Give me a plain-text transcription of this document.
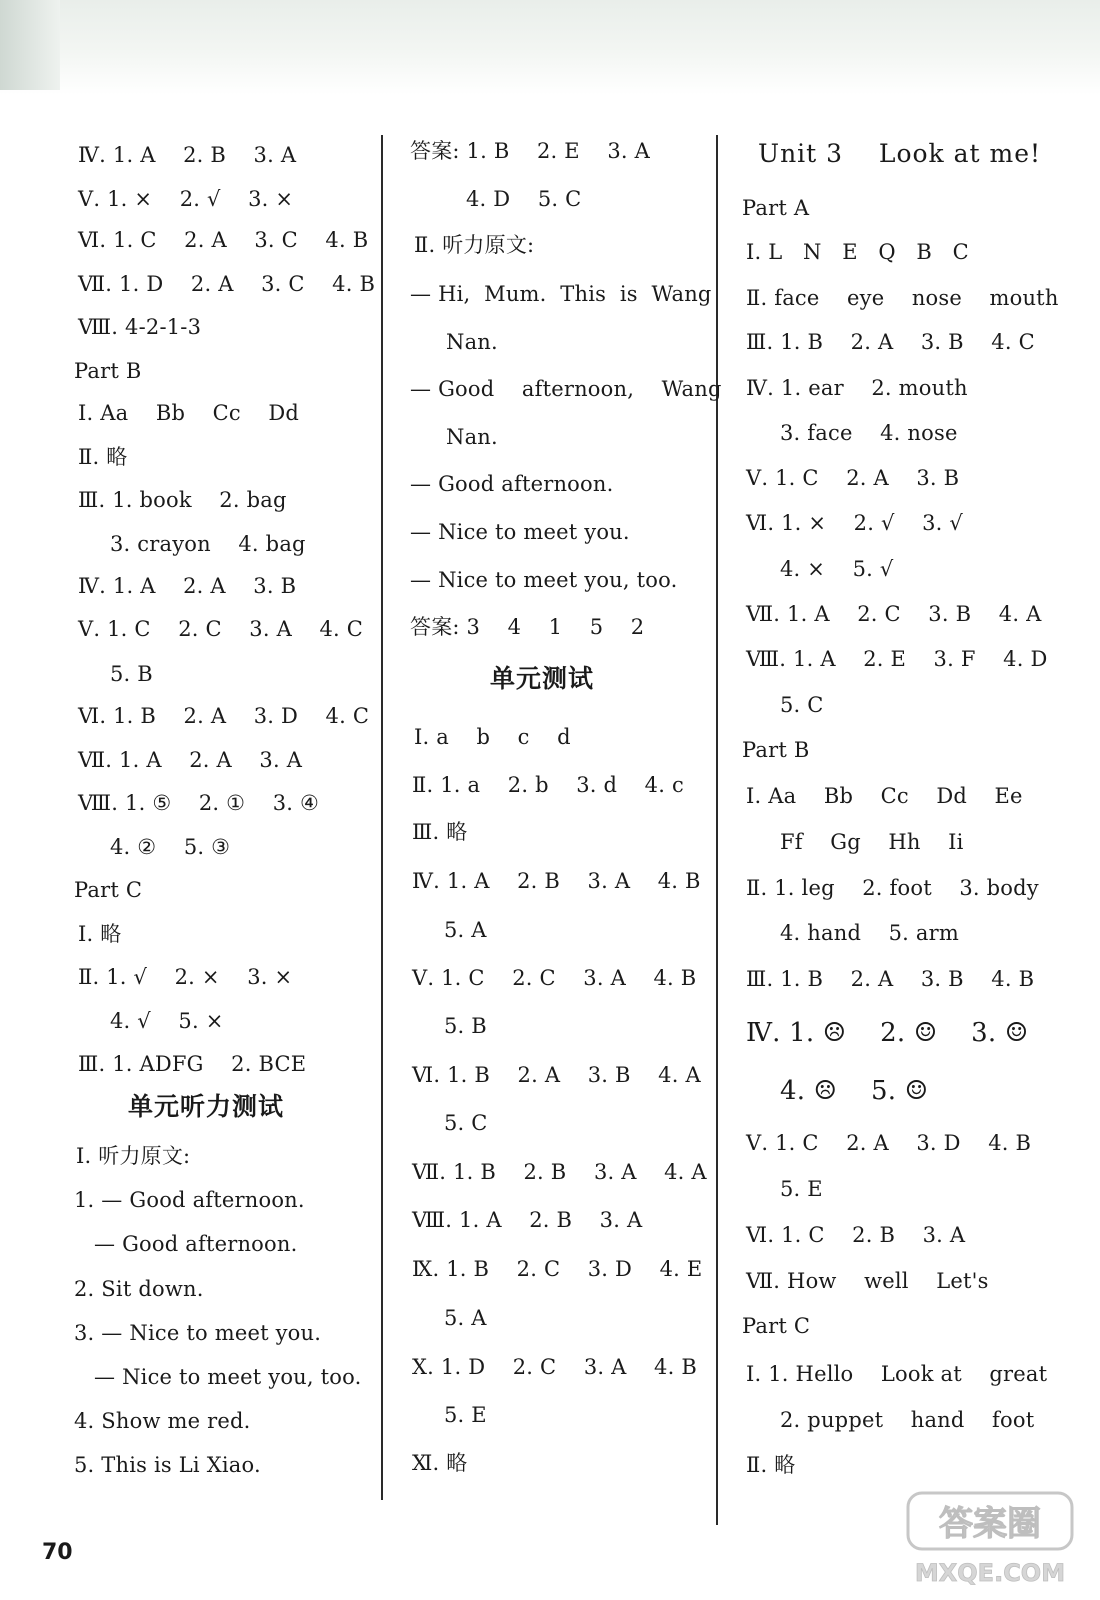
Ⅳ. 1. A    2. B    3. A
Ⅴ. 1. ×    2. √    3. ×
Ⅵ. 1. C    2. A    3. C    4. B
Ⅶ. 1. D    2. A    3. C    4. B
Ⅷ. 4-2-1-3
Part B
Ⅰ. Aa    Bb    Cc    Dd
Ⅱ. 略
Ⅲ. 1. book    2. bag
3. crayon    4. bag
Ⅳ. 1. A    2. A    3. B
Ⅴ. 1. C    2. C    3. A    4. C
5. B
Ⅵ. 1. B    2. A    3. D    4. C
Ⅶ. 1. A    2. A    3. A
Ⅷ. 1. ⑤    2. ①    3. ④
4. ②    5. ③
Part C
Ⅰ. 略
Ⅱ. 1. √    2. ×    3. ×
4. √    5. ×
Ⅲ. 1. ADFG    2. BCE
单元听力测试
Ⅰ. 听力原文:
1. — Good afternoon.
— Good afternoon.
2. Sit down.
3. — Nice to meet you.
— Nice to meet you, too.
4. Show me red.
5. This is Li Xiao.
答案: 1. B    2. E    3. A
4. D    5. C
Ⅱ. 听力原文:
— Hi,  Mum.  This  is  Wang
Nan.
— Good    afternoon,    Wang
Nan.
— Good afternoon.
— Nice to meet you.
— Nice to meet you, too.
答案: 3    4    1    5    2
单元测试
Ⅰ. a    b    c    d
Ⅱ. 1. a    2. b    3. d    4. c
Ⅲ. 略
Ⅳ. 1. A    2. B    3. A    4. B
5. A
Ⅴ. 1. C    2. C    3. A    4. B
5. B
Ⅵ. 1. B    2. A    3. B    4. A
5. C
Ⅶ. 1. B    2. B    3. A    4. A
Ⅷ. 1. A    2. B    3. A
Ⅸ. 1. B    2. C    3. D    4. E
5. A
Ⅹ. 1. D    2. C    3. A    4. B
5. E
Ⅺ. 略
Unit 3    Look at me!
Part A
Ⅰ. L   N   E   Q   B   C
Ⅱ. face    eye    nose    mouth
Ⅲ. 1. B    2. A    3. B    4. C
Ⅳ. 1. ear    2. mouth
3. face    4. nose
Ⅴ. 1. C    2. A    3. B
Ⅵ. 1. ×    2. √    3. √
4. ×    5. √
Ⅶ. 1. A    2. C    3. B    4. A
Ⅷ. 1. A    2. E    3. F    4. D
5. C
Part B
Ⅰ. Aa    Bb    Cc    Dd    Ee
Ff    Gg    Hh    Ii
Ⅱ. 1. leg    2. foot    3. body
4. hand    5. arm
Ⅲ. 1. B    2. A    3. B    4. B
Ⅳ. 1. ☹    2. ☺    3. ☺
4. ☹    5. ☺
Ⅴ. 1. C    2. A    3. D    4. B
5. E
Ⅵ. 1. C    2. B    3. A
Ⅶ. How    well    Let's
Part C
Ⅰ. 1. Hello    Look at    great
2. puppet    hand    foot
Ⅱ. 略
70
答案圈
MXQE.COM
